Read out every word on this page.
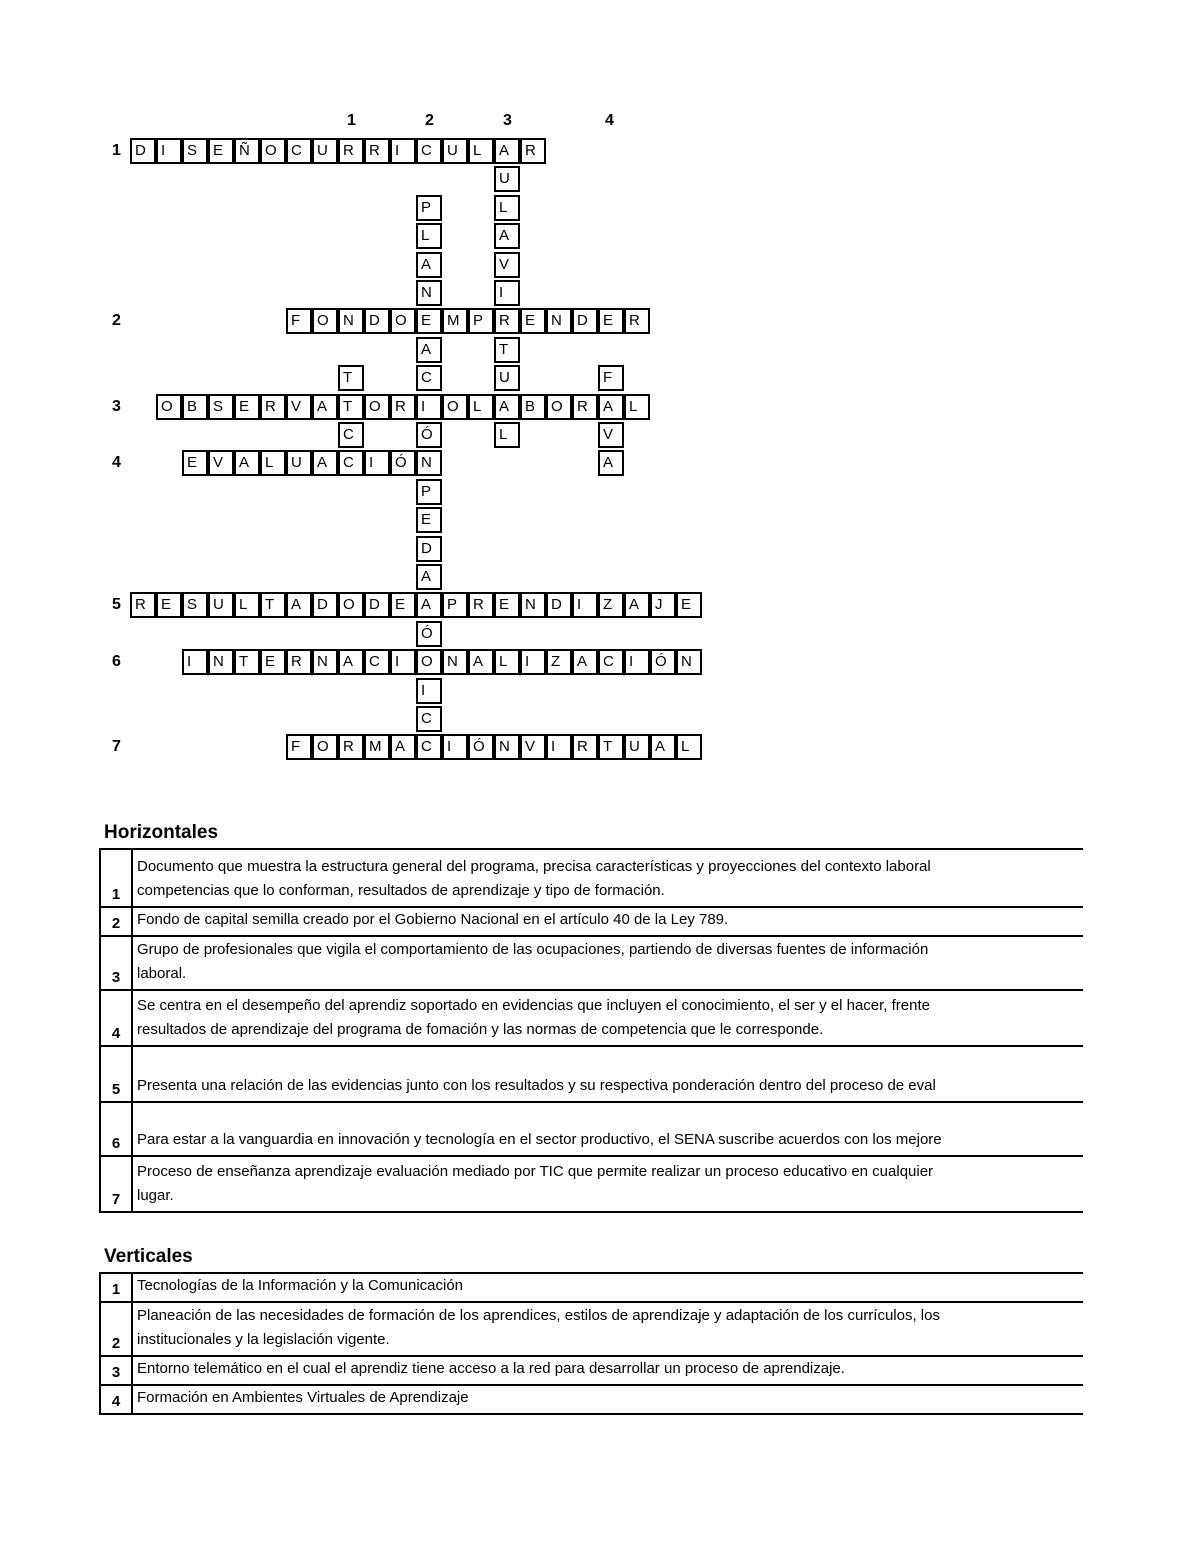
D	I	S	E	Ñ	O C	U	R	R	I	C	U	L	A	R
F	O N	D	O E	M P	R	E	N	D	E	R
O B	S	E	R	V	A	T	O R	I	O L	A	B	O R	A	L
E	V	A	L	U	A	C	I	Ó N
R	E	S	U	L	T	A	D	O D	E	A	P	R	E	N	D	I	Z	A	J	E
I	N	T	E	R	N	A	C	I	O N	A	L	I	Z	A	C	I	Ó N
F	O R	M A	C	I	Ó N	V	I	R	T	U	A	L
T
C
P
L
A
N
A
C
Ó
P
E
D
A
Ó
I
C
U
L
A
V
I
T
U
L
F
V
A
1	2	3	4
1
2
3
4
5
6
7
Horizontales
1	Documento que muestra la estructura general del programa, precisa características y proyecciones del contexto laboral
competencias que lo conforman, resultados de aprendizaje y tipo de formación.

2	Fondo de capital semilla creado por el Gobierno Nacional en el artículo 40 de la Ley 789.

3	Grupo de profesionales que vigila el comportamiento de las ocupaciones, partiendo de diversas fuentes de información
laboral.

4	Se centra en el desempeño del aprendiz soportado en evidencias que incluyen el conocimiento, el ser y el hacer, frente
resultados de aprendizaje del programa de fomación y las normas de competencia que le corresponde.

5	Presenta una relación de las evidencias junto con los resultados y su respectiva ponderación dentro del proceso de eval

6	Para estar a la vanguardia en innovación y tecnología en el sector productivo, el SENA suscribe acuerdos con los mejore

7	Proceso de enseñanza aprendizaje evaluación mediado por TIC que permite realizar un proceso educativo en cualquier
lugar.
Verticales
1	Tecnologías de la Información y la Comunicación

2	Planeación de las necesidades de formación de los aprendices, estilos de aprendizaje y adaptación de los currículos, los
institucionales y la legislación vigente.

3	Entorno telemático en el cual el aprendiz tiene acceso a la red para desarrollar un proceso de aprendizaje.

4	Formación en Ambientes Virtuales de Aprendizaje
